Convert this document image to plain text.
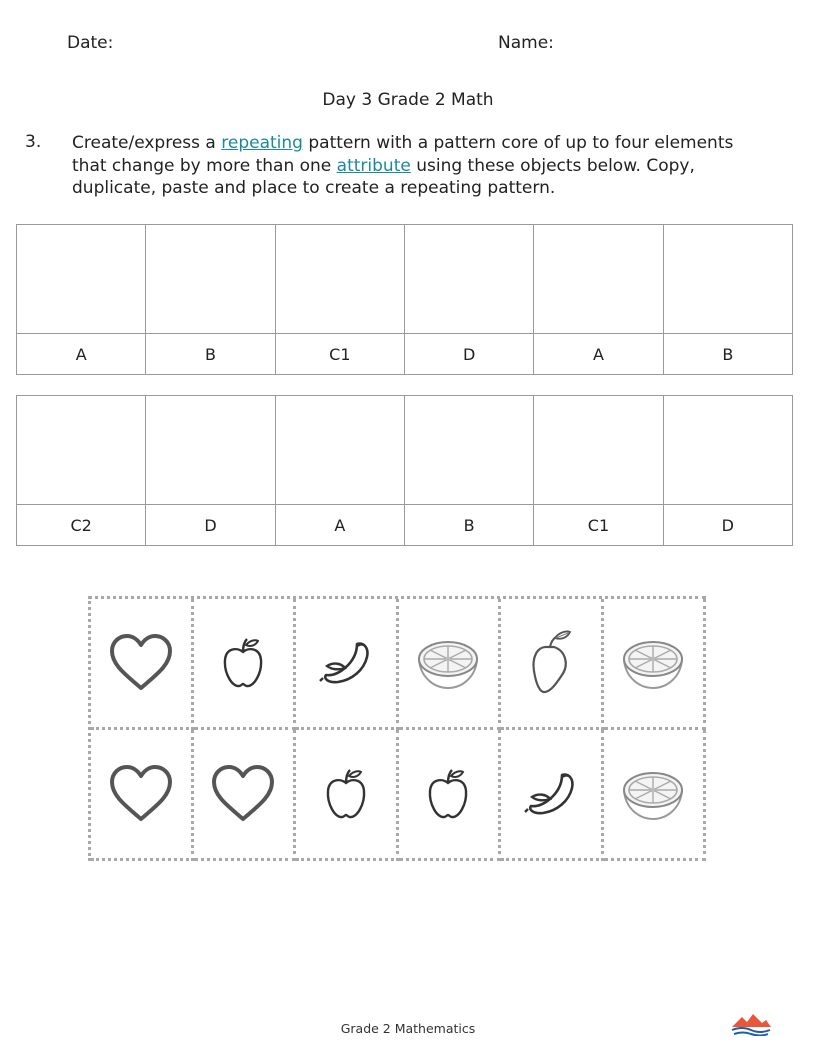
Date:	Name:
Day 3 Grade 2 Math
3. Create/express a repeating pattern with a pattern core of up to four elements that change by more than one attribute using these objects below. Copy, duplicate, paste and place to create a repeating pattern.

A	B	C1	D	A	B

C2	D	A	B	C1	D
Grade 2 Mathematics
